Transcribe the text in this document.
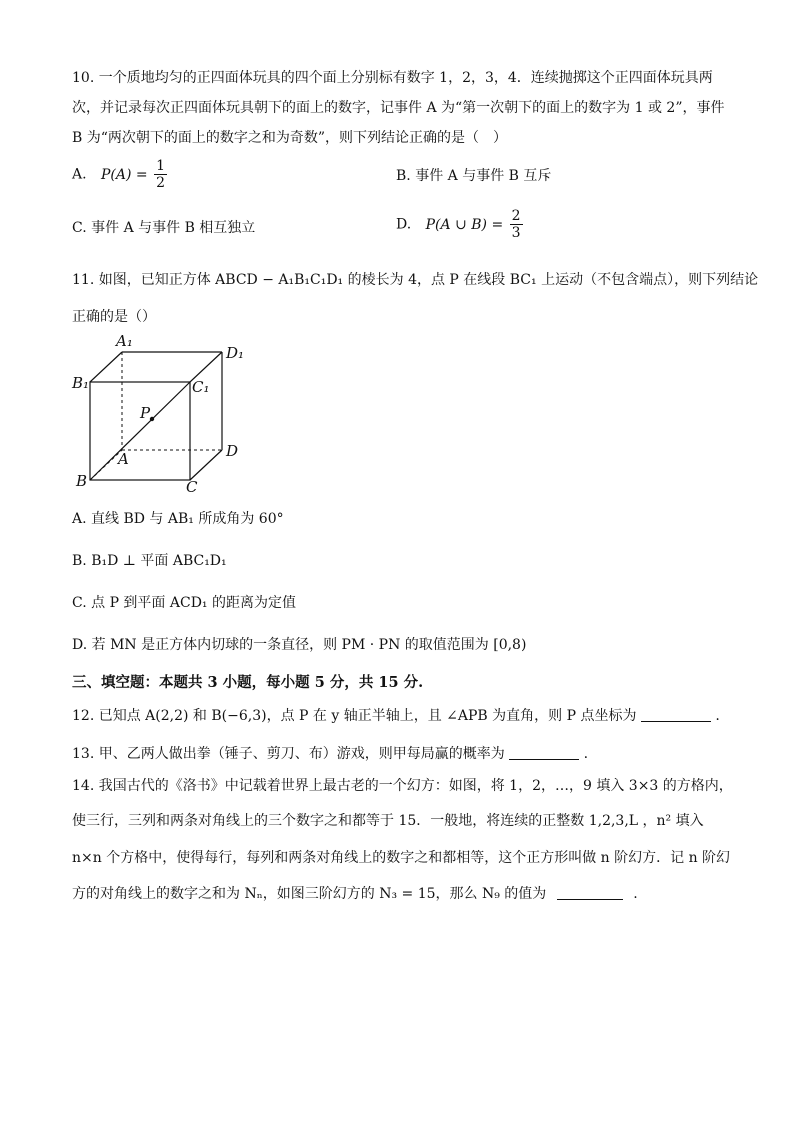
10. 一个质地均匀的正四面体玩具的四个面上分别标有数字 1，2，3，4．连续抛掷这个正四面体玩具两
次，并记录每次正四面体玩具朝下的面上的数字，记事件 A 为“第一次朝下的面上的数字为 1 或 2”，事件
B 为“两次朝下的面上的数字之和为奇数”，则下列结论正确的是（　）
A. $P(A) = \frac{1}{2}$	B. 事件 A 与事件 B 互斥
C. 事件 A 与事件 B 相互独立	D. P(A ∪ $B) = \frac{2}{3}$
11. 如图，已知正方体 ABCD − A₁B₁C₁D₁ 的棱长为 4，点 P 在线段 BC₁ 上运动（不包含端点），则下列结论
正确的是（）
A₁
D₁
B₁	C₁
P
A	D
B	C
A. 直线 BD 与 AB₁ 所成角为 60°
B. B₁D ⊥ 平面 ABC₁D₁
C. 点 P 到平面 ACD₁ 的距离为定值
D. 若 MN 是正方体内切球的一条直径，则 PM · PN 的取值范围为 [0,8)
三、填空题：本题共 3 小题，每小题 5 分，共 15 分.
12. 已知点 A(2,2) 和 B(−6,3)，点 P 在 y 轴正半轴上，且 ∠APB 为直角，则 P 点坐标为	.
13. 甲、乙两人做出拳（锤子、剪刀、布）游戏，则甲每局赢的概率为	.
14. 我国古代的《洛书》中记载着世界上最古老的一个幻方：如图，将 1，2，…，9 填入 3×3 的方格内，
使三行，三列和两条对角线上的三个数字之和都等于 15．一般地，将连续的正整数 1,2,3,L ，n² 填入
n×n 个方格中，使得每行，每列和两条对角线上的数字之和都相等，这个正方形叫做 n 阶幻方．记 n 阶幻
方的对角线上的数字之和为 Nₙ，如图三阶幻方的 N₃ = 15，那么 N₉ 的值为	.
